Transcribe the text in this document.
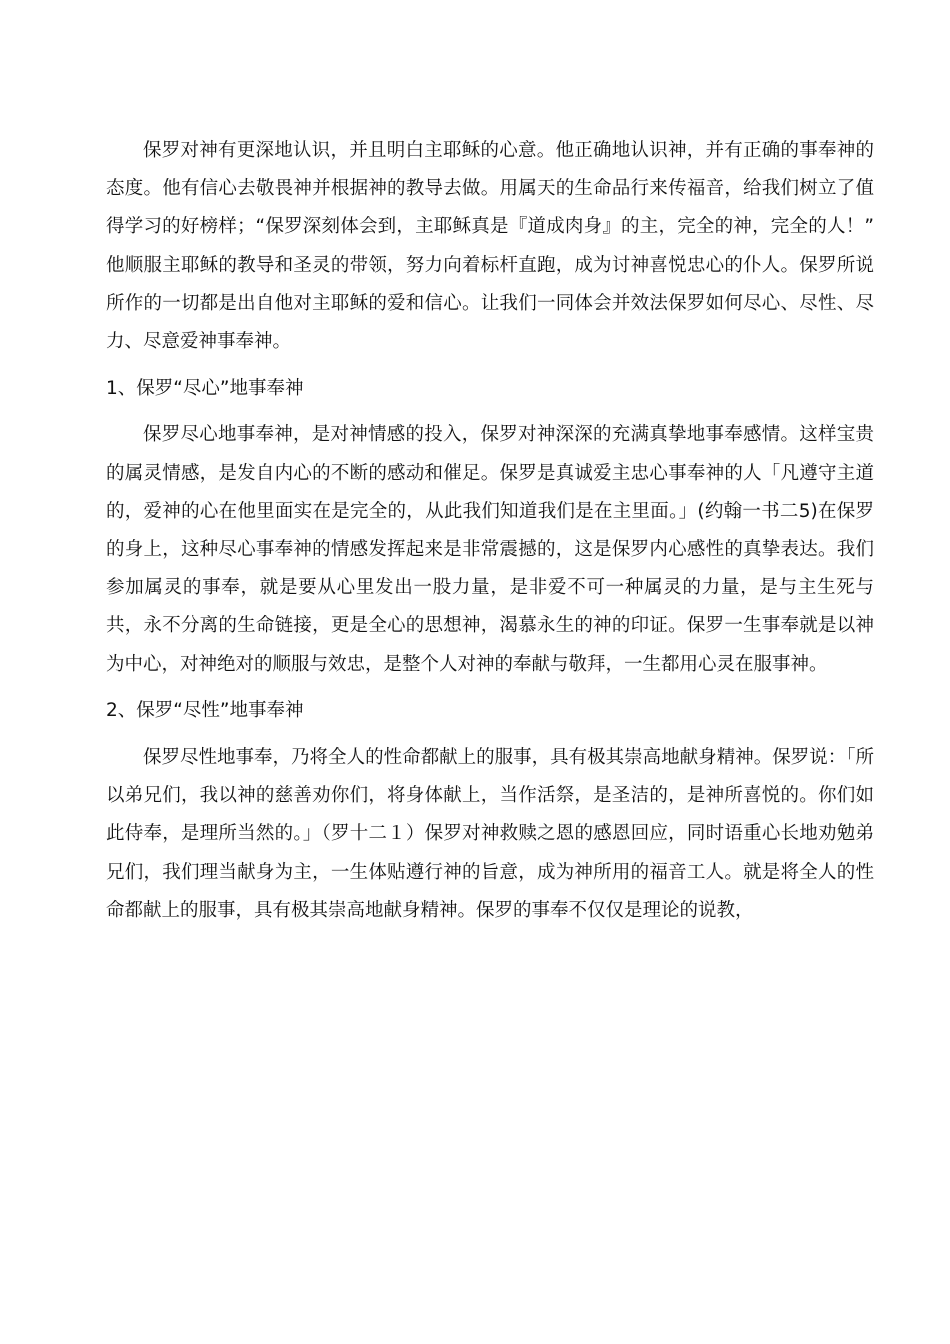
保罗对神有更深地认识，并且明白主耶稣的心意。他正确地认识神，并有正确的事奉神的态度。他有信心去敬畏神并根据神的教导去做。用属天的生命品行来传福音，给我们树立了值得学习的好榜样；“保罗深刻体会到，主耶稣真是『道成肉身』的主，完全的神，完全的人！” 他顺服主耶稣的教导和圣灵的带领，努力向着标杆直跑，成为讨神喜悦忠心的仆人。保罗所说所作的一切都是出自他对主耶稣的爱和信心。让我们一同体会并效法保罗如何尽心、尽性、尽力、尽意爱神事奉神。

1、保罗“尽心”地事奉神

保罗尽心地事奉神，是对神情感的投入，保罗对神深深的充满真挚地事奉感情。这样宝贵的属灵情感，是发自内心的不断的感动和催足。保罗是真诚爱主忠心事奉神的人「凡遵守主道的，爱神的心在他里面实在是完全的，从此我们知道我们是在主里面。」(约翰一书二5)在保罗的身上，这种尽心事奉神的情感发挥起来是非常震撼的，这是保罗内心感性的真挚表达。我们参加属灵的事奉，就是要从心里发出一股力量，是非爱不可一种属灵的力量，是与主生死与共，永不分离的生命链接，更是全心的思想神，渴慕永生的神的印证。保罗一生事奉就是以神为中心，对神绝对的顺服与效忠，是整个人对神的奉献与敬拜，一生都用心灵在服事神。

2、保罗“尽性”地事奉神

保罗尽性地事奉，乃将全人的性命都献上的服事，具有极其崇高地献身精神。保罗说：「所以弟兄们，我以神的慈善劝你们，将身体献上，当作活祭，是圣洁的，是神所喜悦的。你们如此侍奉，是理所当然的。」（罗十二１）保罗对神救赎之恩的感恩回应，同时语重心长地劝勉弟兄们，我们理当献身为主，一生体贴遵行神的旨意，成为神所用的福音工人。就是将全人的性命都献上的服事，具有极其崇高地献身精神。保罗的事奉不仅仅是理论的说教，
